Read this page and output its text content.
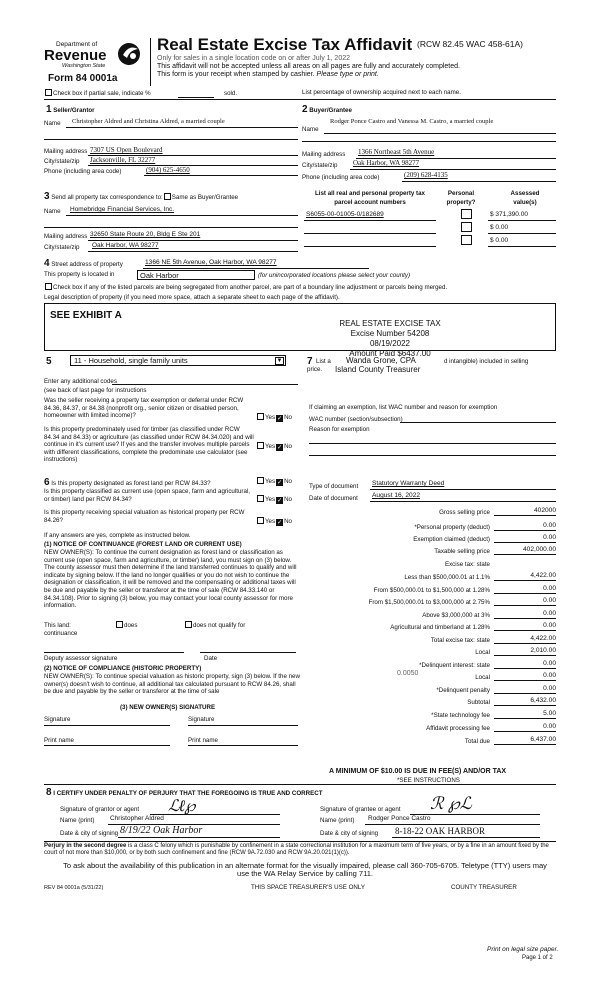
Department of
Revenue
Washington State
Form 84 0001a
Real Estate Excise Tax Affidavit (RCW 82.45 WAC 458-61A)
Only for sales in a single location code on or after July 1, 2022
This affidavit will not be accepted unless all areas on all pages are fully and accurately completed.
This form is your receipt when stamped by cashier. Please type or print.
Check box if partial sale, indicate %	sold.	List percentage of ownership acquired next to each name.
1 Seller/Grantor
Name Christopher Aldred and Christina Aldred, a married couple
Mailing address 7307 US Open Boulevard
City/state/zip Jacksonville, FL 32277
Phone (including area code)	(904) 625-4650
2 Buyer/Grantee
Rodger Ponce Castro and Vanessa M. Castro, a married couple
Name
Mailing address 1366 Northeast 5th Avenue
City/state/zip Oak Harbor, WA 98277
Phone (including area code)	(209) 628-4135
3 Send all property tax correspondence to: Same as Buyer/Grantee
Name Homebridge Financial Services, Inc.
Mailing address 32650 State Route 20, Bldg E Ste 201
City/state/zip Oak Harbor, WA 98277
List all real and personal property tax
parcel account numbers
Personal
property?
Assessed
value(s)
S6055-00-01005-0/182689	$ 371,390.00
$ 0.00
$ 0.00
4 Street address of property	1366 NE 5th Avenue, Oak Harbor, WA 98277
This property is located in	Oak Harbor	(for unincorporated locations please select your county)
Check box if any of the listed parcels are being segregated from another parcel, are part of a boundary line adjustment or parcels being merged.
Legal description of property (if you need more space, attach a separate sheet to each page of the affidavit).
SEE EXHIBIT A
REAL ESTATE EXCISE TAX
Excise Number 54208
08/19/2022
Amount Paid $6437.00
5	11 - Household, single family units	▼ 7 List a
price.
Wanda Grone, CPA
Island County Treasurer
d intangible) included in selling
Enter any additional codes
(see back of last page for instructions
Was the seller receiving a property tax exemption or deferral under RCW 84.36, 84.37, or 84.38 (nonprofit org., senior citizen or disabled person, homeowner with limited income)?	Yes ✓ No
Is this property predominately used for timber (as classified under RCW 84.34 and 84.33) or agriculture (as classified under RCW 84.34.020) and will continue in it's current use? If yes and the transfer involves multiple parcels with different classifications, complete the predominate use calculator (see instructions)
Yes ✓ No
If claiming an exemption, list WAC number and reason for exemption
WAC number (section/subsection)
Reason for exemption
6 Is this property designated as forest land per RCW 84.33?	Yes ✓ No
Is this property classified as current use (open space, farm and agricultural, or timber) land per RCW 84.34?	Yes ✓ No
Is this property receiving special valuation as historical property per RCW 84.26?	Yes ✓ No
If any answers are yes, complete as instructed below.
(1) NOTICE OF CONTINUANCE (FOREST LAND OR CURRENT USE)
NEW OWNER(S): To continue the current designation as forest land or classification as current use (open space, farm and agriculture, or timber) land, you must sign on (3) below. The county assessor must then determine if the land transferred continues to qualify and will indicate by signing below. If the land no longer qualifies or you do not wish to continue the designation or classification, it will be removed and the compensating or additional taxes will be due and payable by the seller or transferor at the time of sale (RCW 84.33.140 or 84.34.108). Prior to signing (3) below, you may contact your local county assessor for more information.
This land:	does	does not qualify for
continuance
Deputy assessor signature	Date
(2) NOTICE OF COMPLIANCE (HISTORIC PROPERTY)
NEW OWNER(S): To continue special valuation as historic property, sign (3) below. If the new owner(s) doesn't wish to continue, all additional tax calculated pursuant to RCW 84.26, shall be due and payable by the seller or transferor at the time of sale
(3) NEW OWNER(S) SIGNATURE
Signature	Signature
Print name	Print name
Type of document Statutory Warranty Deed
Date of document August 16, 2022
Gross selling price	402000
*Personal property (deduct)	0.00
Exemption claimed (deduct)	0.00
Taxable selling price	402,000.00
Excise tax: state
Less than $500,000.01 at 1.1%	4,422.00
From $500,000.01 to $1,500,000 at 1.28%	0.00
From $1,500,000.01 to $3,000,000 at 2.75%	0.00
Above $3,000,000 at 3%	0.00
Agricultural and timberland at 1.28%	0.00
Total excise tax: state	4,422.00
Local	2,010.00
*Delinquent interest: state	0.00
Local	0.00
*Delinquent penalty	0.00
Subtotal	6,432.00
*State technology fee	5.00
Affidavit processing fee	0.00
Total due	6,437.00
0.0050
A MINIMUM OF $10.00 IS DUE IN FEE(S) AND/OR TAX
*SEE INSTRUCTIONS
8 I CERTIFY UNDER PENALTY OF PERJURY THAT THE FOREGOING IS TRUE AND CORRECT
Signature of grantor or agent ℒℓ℘
Name (print) Christopher Aldred
Date & city of signing 8/19/22 Oak Harbor
Signature of grantee or agent ℛ ℘ℒ
Name (print) Rodger Ponce Castro
Date & city of signing 8-18-22 OAK HARBOR
Perjury in the second degree is a class C felony which is punishable by confinement in a state correctional institution for a maximum term of five years, or by a fine in an amount fixed by the court of not more than $10,000, or by both such confinement and fine (RCW 9A.72.030 and RCW 9A.20.021(1)(c)).
To ask about the availability of this publication in an alternate format for the visually impaired, please call 360-705-6705. Teletype (TTY) users may use the WA Relay Service by calling 711.
REV 84 0001a (5/31/22)	THIS SPACE TREASURER'S USE ONLY	COUNTY TREASURER
Print on legal size paper.
Page 1 of 2
